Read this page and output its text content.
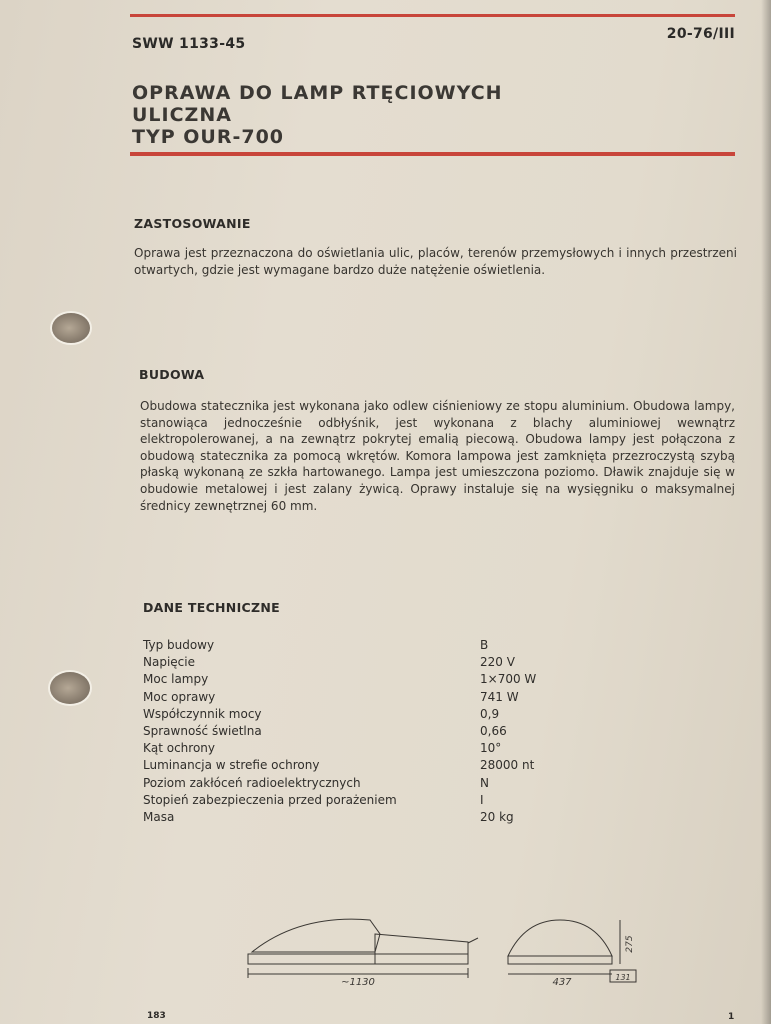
SWW 1133-45
20-76/III
OPRAWA DO LAMP RTĘCIOWYCH
ULICZNA
TYP OUR-700
ZASTOSOWANIE

Oprawa jest przeznaczona do oświetlania ulic, placów, terenów przemysłowych i innych przestrzeni otwartych, gdzie jest wymagane bardzo duże natężenie oświetlenia.

BUDOWA

Obudowa statecznika jest wykonana jako odlew ciśnieniowy ze stopu aluminium. Obudowa lampy, stanowiąca jednocześnie odbłyśnik, jest wykonana z blachy aluminiowej wewnątrz elektropolerowanej, a na zewnątrz pokrytej emalią piecową. Obudowa lampy jest połączona z obudową statecznika za pomocą wkrętów. Komora lampowa jest zamknięta przezroczystą szybą płaską wykonaną ze szkła hartowanego. Lampa jest umieszczona poziomo. Dławik znajduje się w obudowie metalowej i jest zalany żywicą. Oprawy instaluje się na wysięgniku o maksymalnej średnicy zewnętrznej 60 mm.

DANE TECHNICZNE
Typ budowy	B
Napięcie	220 V
Moc lampy	1×700 W
Moc oprawy	741 W
Współczynnik mocy	0,9
Sprawność świetlna	0,66
Kąt ochrony	10°
Luminancja w strefie ochrony	28000 nt
Poziom zakłóceń radioelektrycznych	N
Stopień zabezpieczenia przed porażeniem	I
Masa	20 kg
~1130	437
275
131
183	1
